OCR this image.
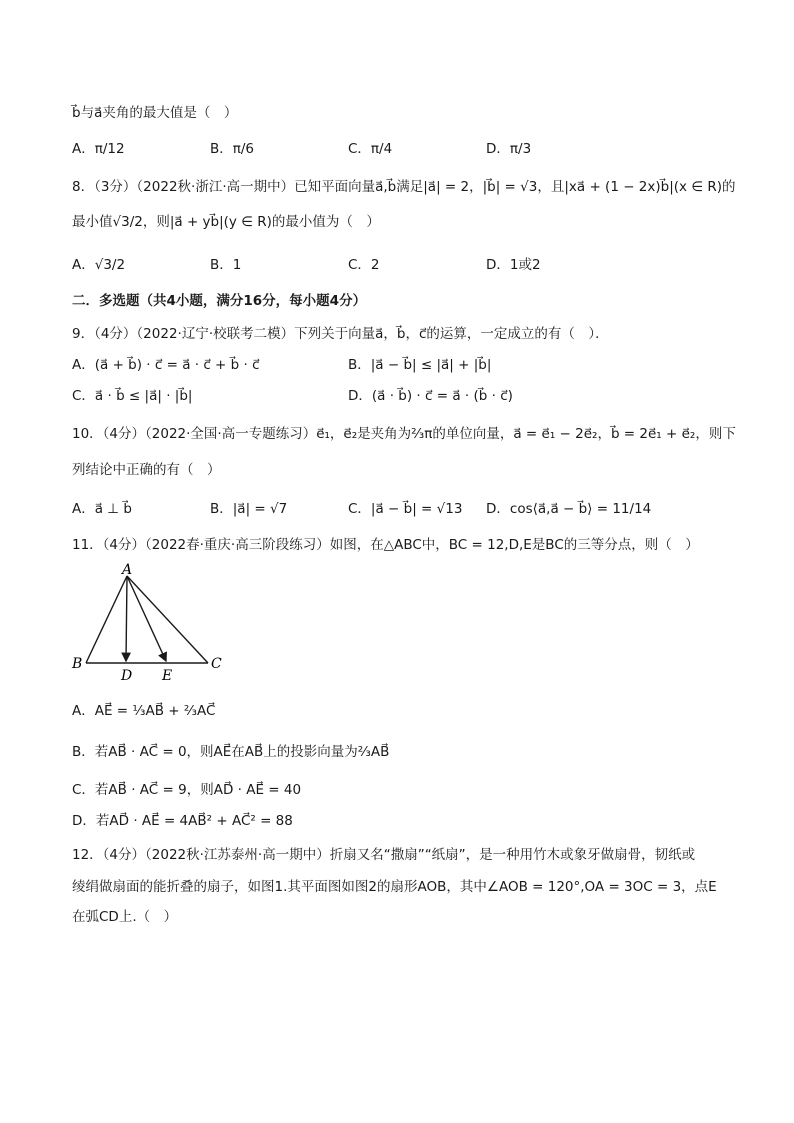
b⃗与a⃗夹角的最大值是（　）
A．π/12	B．π/6	C．π/4	D．π/3
8．（3分）（2022秋·浙江·高一期中）已知平面向量a⃗,b⃗满足|a⃗| = 2，|b⃗| = √3，且|xa⃗ + (1 − 2x)b⃗|(x ∈ R)的
最小值√3/2，则|a⃗ + yb⃗|(y ∈ R)的最小值为（　）
A．√3/2	B．1	C．2	D．1或2
二．多选题（共4小题，满分16分，每小题4分）
9．（4分）（2022·辽宁·校联考二模）下列关于向量a⃗，b⃗，c⃗的运算，一定成立的有（　）．
A．(a⃗ + b⃗) · c⃗ = a⃗ · c⃗ + b⃗ · c⃗	B．|a⃗ − b⃗| ≤ |a⃗| + |b⃗|
C．a⃗ · b⃗ ≤ |a⃗| · |b⃗|	D．(a⃗ · b⃗) · c⃗ = a⃗ · (b⃗ · c⃗)
10．（4分）（2022·全国·高一专题练习）e⃗₁，e⃗₂是夹角为⅔π的单位向量，a⃗ = e⃗₁ − 2e⃗₂，b⃗ = 2e⃗₁ + e⃗₂，则下
列结论中正确的有（　）
A．a⃗ ⊥ b⃗	B．|a⃗| = √7	C．|a⃗ − b⃗| = √13 D．cos⟨a⃗,a⃗ − b⃗⟩ = 11/14
11．（4分）（2022春·重庆·高三阶段练习）如图，在△ABC中，BC = 12,D,E是BC的三等分点，则（　）
A
B
D E
C
A．AE⃗ = ⅓AB⃗ + ⅔AC⃗
B．若AB⃗ · AC⃗ = 0，则AE⃗在AB⃗上的投影向量为⅔AB⃗
C．若AB⃗ · AC⃗ = 9，则AD⃗ · AE⃗ = 40
D．若AD⃗ · AE⃗ = 4AB⃗² + AC⃗² = 88
12．（4分）（2022秋·江苏泰州·高一期中）折扇又名“撒扇”“纸扇”，是一种用竹木或象牙做扇骨，韧纸或
绫绢做扇面的能折叠的扇子，如图1.其平面图如图2的扇形AOB，其中∠AOB = 120°,OA = 3OC = 3，点E
在弧CD上.（　）
